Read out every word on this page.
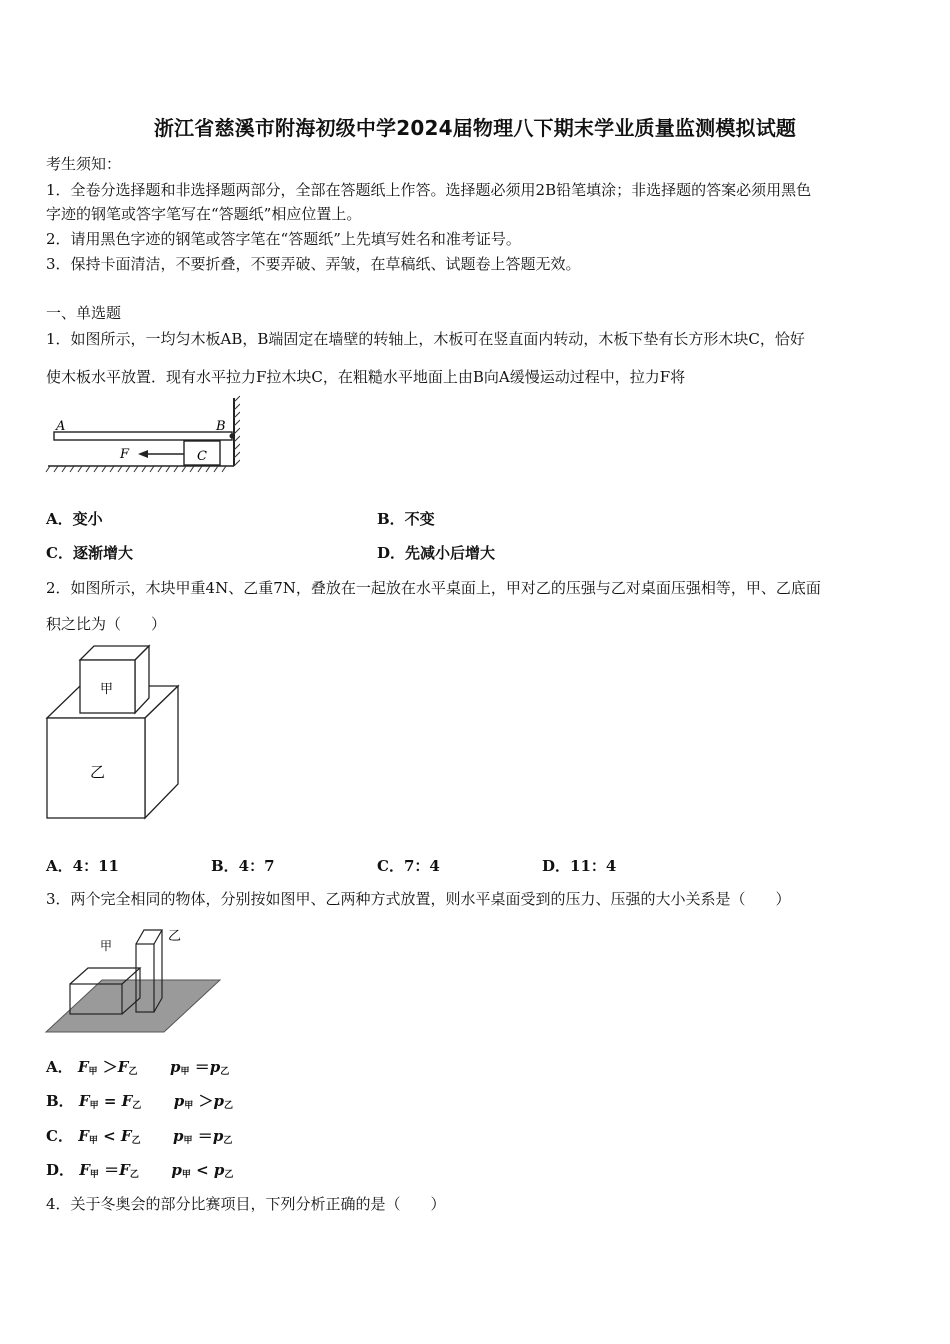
浙江省慈溪市附海初级中学2024届物理八下期末学业质量监测模拟试题
考生须知：
1．全卷分选择题和非选择题两部分，全部在答题纸上作答。选择题必须用2B铅笔填涂；非选择题的答案必须用黑色
字迹的钢笔或答字笔写在“答题纸”相应位置上。
2．请用黑色字迹的钢笔或答字笔在“答题纸”上先填写姓名和准考证号。
3．保持卡面清洁，不要折叠，不要弄破、弄皱，在草稿纸、试题卷上答题无效。
一、单选题
1．如图所示，一均匀木板AB，B端固定在墙壁的转轴上，木板可在竖直面内转动，木板下垫有长方形木块C，恰好
使木板水平放置．现有水平拉力F拉木块C，在粗糙水平地面上由B向A缓慢运动过程中，拉力F将
A	B
F	C
A．变小	B．不变
C．逐渐增大	D．先减小后增大
2．如图所示，木块甲重4N、乙重7N，叠放在一起放在水平桌面上，甲对乙的压强与乙对桌面压强相等，甲、乙底面
积之比为（　　）
甲
乙
A．4：11	B．4：7	C．7：4	D．11：4
3．两个完全相同的物体，分别按如图甲、乙两种方式放置，则水平桌面受到的压力、压强的大小关系是（　　）
甲
乙
A． $F_甲 >F_乙$ $p_甲 =p_乙$
B． $F_甲 = F_乙$ $p_甲 >p_乙$
C． $F_甲 < F_乙$ $p_甲 =p_乙$
D． $F_甲 =F_乙$ $p_甲 < p_乙$
4．关于冬奥会的部分比赛项目，下列分析正确的是（　　）
